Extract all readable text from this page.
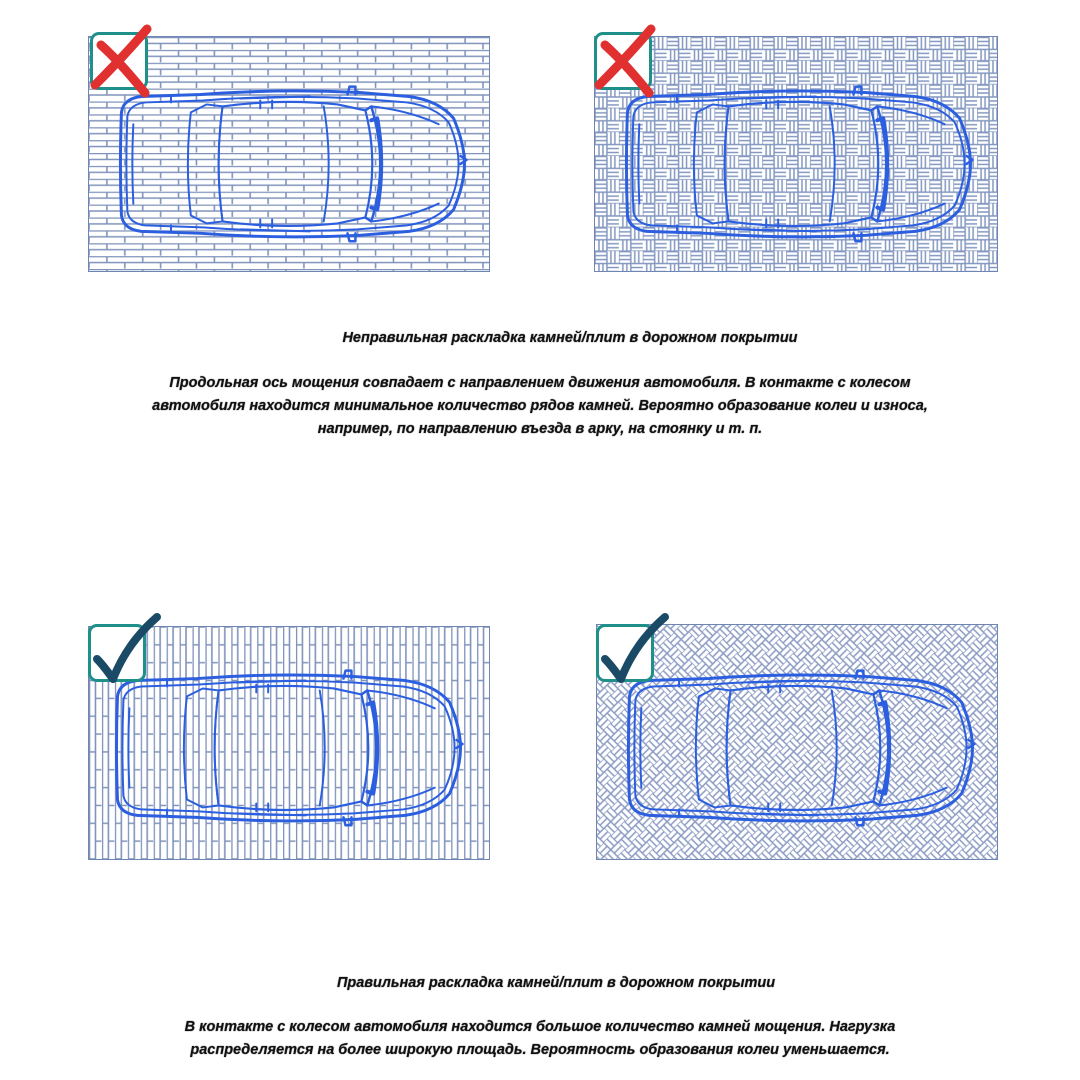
Неправильная раскладка камней/плит в дорожном покрытии
Продольная ось мощения совпадает с направлением движения автомобиля. В контакте с колесом
автомобиля находится минимальное количество рядов камней. Вероятно образование колеи и износа,
например, по направлению въезда в арку, на стоянку и т. п.
Правильная раскладка камней/плит в дорожном покрытии
В контакте с колесом автомобиля находится большое количество камней мощения. Нагрузка
распределяется на более широкую площадь. Вероятность образования колеи уменьшается.
